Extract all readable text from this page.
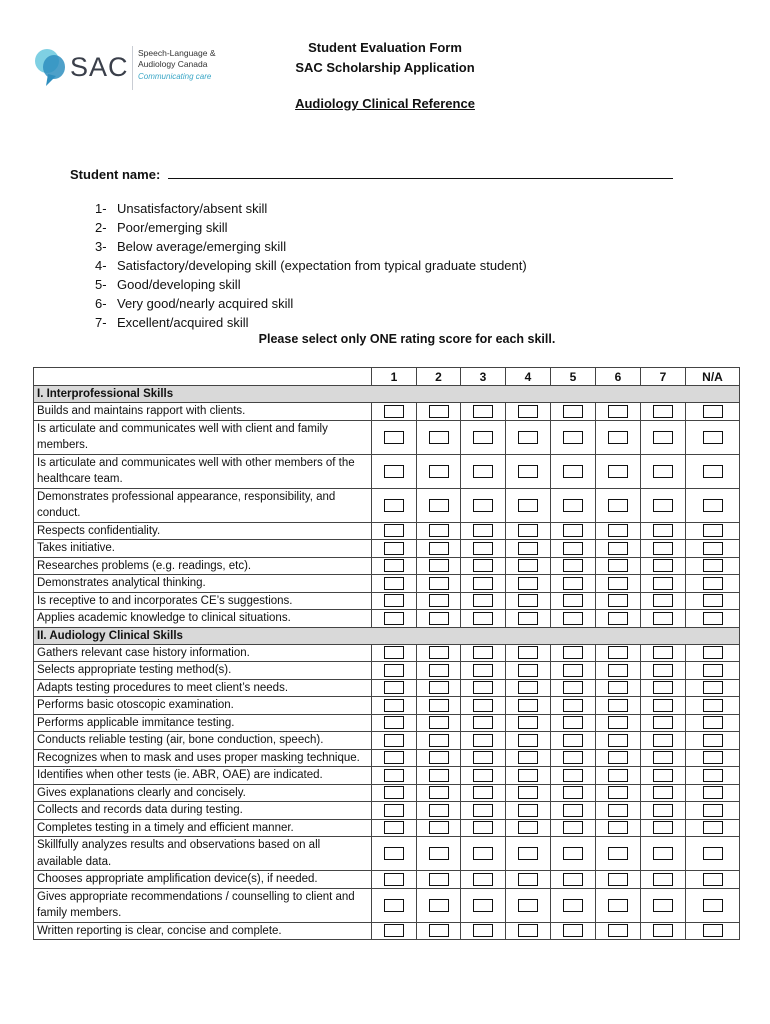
SAC Speech-Language &
Audiology Canada
Communicating care
Student Evaluation Form
SAC Scholarship Application
Audiology Clinical Reference
Student name:
1- Unsatisfactory/absent skill
2- Poor/emerging skill
3- Below average/emerging skill
4- Satisfactory/developing skill (expectation from typical graduate student)
5- Good/developing skill
6- Very good/nearly acquired skill
7- Excellent/acquired skill
Please select only ONE rating score for each skill.
	1	2	3	4	5	6	7	N/A
I. Interprofessional Skills								
Builds and maintains rapport with clients.								
Is articulate and communicates well with client and family members.								
Is articulate and communicates well with other members of the healthcare team.								
Demonstrates professional appearance, responsibility, and conduct.								
Respects confidentiality.								
Takes initiative.								
Researches problems (e.g. readings, etc).								
Demonstrates analytical thinking.								
Is receptive to and incorporates CE’s suggestions.								
Applies academic knowledge to clinical situations.								
II. Audiology Clinical Skills								
Gathers relevant case history information.								
Selects appropriate testing method(s).								
Adapts testing procedures to meet client’s needs.								
Performs basic otoscopic examination.								
Performs applicable immitance testing.								
Conducts reliable testing (air, bone conduction, speech).								
Recognizes when to mask and uses proper masking technique.								
Identifies when other tests (ie. ABR, OAE) are indicated.								
Gives explanations clearly and concisely.								
Collects and records data during testing.								
Completes testing in a timely and efficient manner.								
Skillfully analyzes results and observations based on all available data.								
Chooses appropriate amplification device(s), if needed.								
Gives appropriate recommendations / counselling to client and family members.								
Written reporting is clear, concise and complete.								
